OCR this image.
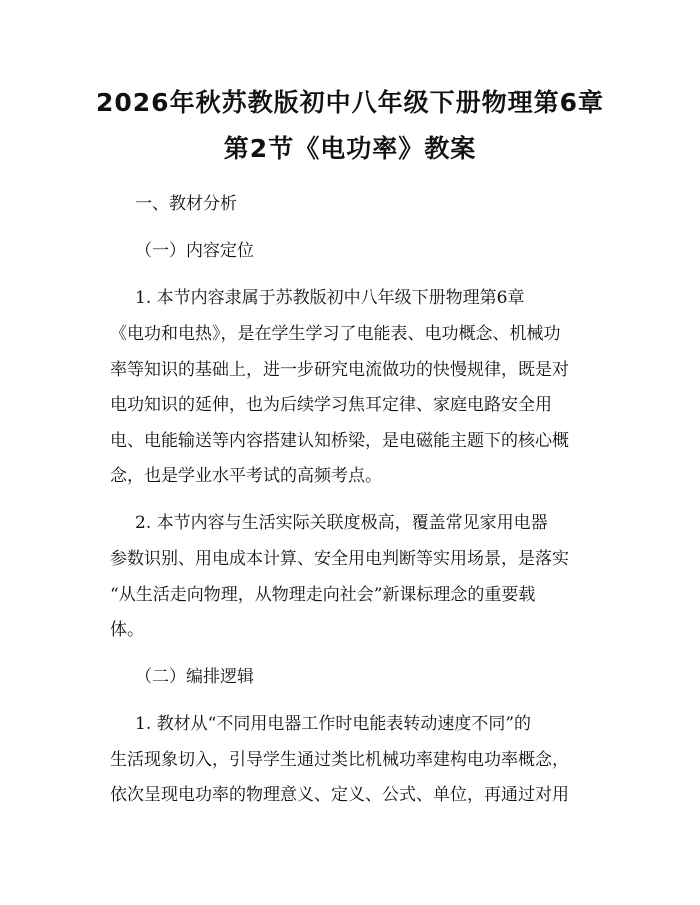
2026年秋苏教版初中八年级下册物理第6章
第2节《电功率》教案
一、教材分析
（一）内容定位
1. 本节内容隶属于苏教版初中八年级下册物理第6章
《电功和电热》，是在学生学习了电能表、电功概念、机械功
率等知识的基础上，进一步研究电流做功的快慢规律，既是对
电功知识的延伸，也为后续学习焦耳定律、家庭电路安全用
电、电能输送等内容搭建认知桥梁，是电磁能主题下的核心概
念，也是学业水平考试的高频考点。
2. 本节内容与生活实际关联度极高，覆盖常见家用电器
参数识别、用电成本计算、安全用电判断等实用场景，是落实
“从生活走向物理，从物理走向社会”新课标理念的重要载
体。
（二）编排逻辑
1. 教材从“不同用电器工作时电能表转动速度不同”的
生活现象切入，引导学生通过类比机械功率建构电功率概念，
依次呈现电功率的物理意义、定义、公式、单位，再通过对用
